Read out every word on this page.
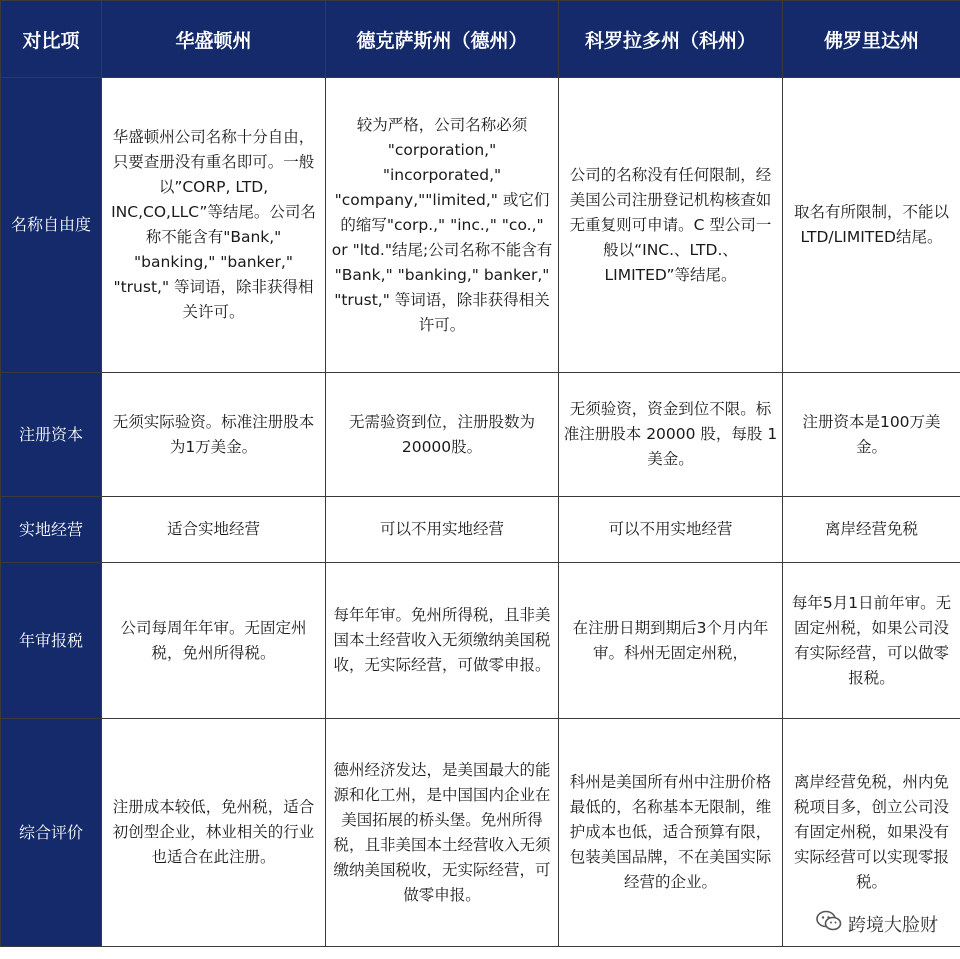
对比项	华盛顿州	德克萨斯州（德州）	科罗拉多州（科州）	佛罗里达州
名称自由度	华盛顿州公司名称十分自由，只要查册没有重名即可。一般以”CORP, LTD, INC,CO,LLC”等结尾。公司名称不能含有"Bank," "banking," "banker," "trust," 等词语，除非获得相关许可。	较为严格，公司名称必须 "corporation," "incorporated," "company,""limited," 或它们的缩写"corp.," "inc.," "co.," or "ltd."结尾;公司名称不能含有 "Bank," "banking," banker," "trust," 等词语，除非获得相关许可。	公司的名称没有任何限制，经美国公司注册登记机构核查如无重复则可申请。C 型公司一般以“INC.、LTD.、LIMITED”等结尾。	取名有所限制，不能以LTD/LIMITED结尾。
注册资本	无须实际验资。标准注册股本为1万美金。	无需验资到位，注册股数为20000股。	无须验资，资金到位不限。标准注册股本 20000 股，每股 1 美金。	注册资本是100万美金。
实地经营	适合实地经营	可以不用实地经营	可以不用实地经营	离岸经营免税
年审报税	公司每周年年审。无固定州税，免州所得税。	每年年审。免州所得税，且非美国本土经营收入无须缴纳美国税收，无实际经营，可做零申报。	在注册日期到期后3个月内年审。科州无固定州税，	每年5月1日前年审。无固定州税，如果公司没有实际经营，可以做零报税。
综合评价	注册成本较低，免州税，适合初创型企业，林业相关的行业也适合在此注册。	德州经济发达，是美国最大的能源和化工州，是中国国内企业在美国拓展的桥头堡。免州所得税，且非美国本土经营收入无须缴纳美国税收，无实际经营，可做零申报。	科州是美国所有州中注册价格最低的，名称基本无限制，维护成本也低，适合预算有限，包装美国品牌，不在美国实际经营的企业。	离岸经营免税，州内免税项目多，创立公司没有固定州税，如果没有实际经营可以实现零报税。
跨境大脸财
